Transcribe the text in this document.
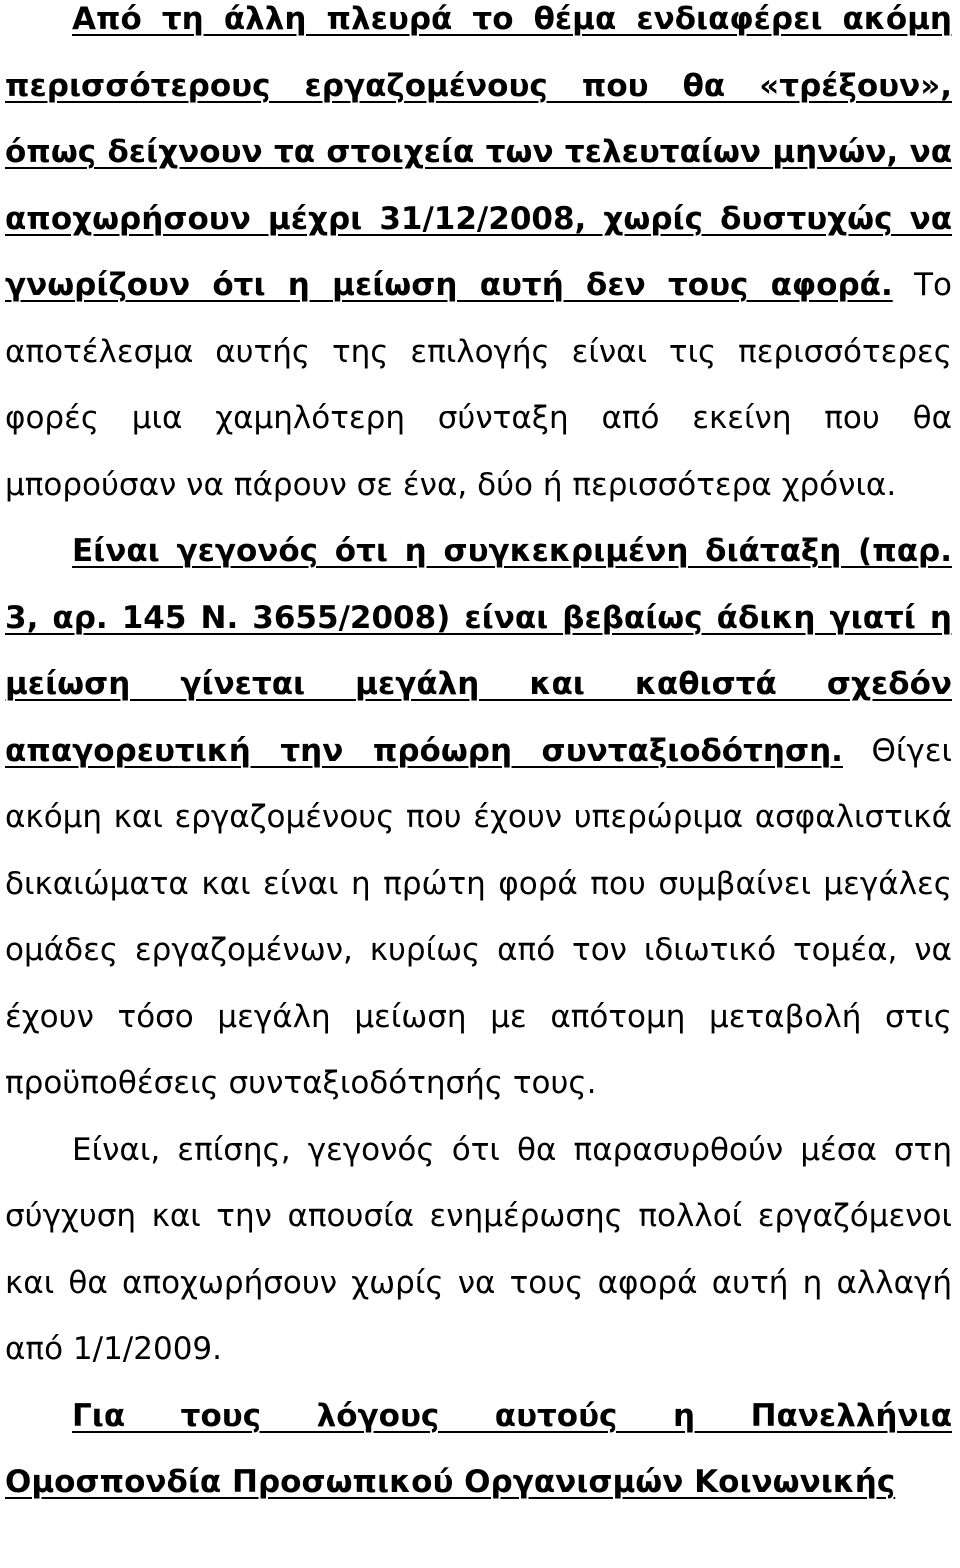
Από τη άλλη πλευρά το θέμα ενδιαφέρει ακόμη περισσότερους εργαζομένους που θα «τρέξουν», όπως δείχνουν τα στοιχεία των τελευταίων μηνών, να αποχωρήσουν μέχρι 31/12/2008, χωρίς δυστυχώς να γνωρίζουν ότι η μείωση αυτή δεν τους αφορά. Το αποτέλεσμα αυτής της επιλογής είναι τις περισσότερες φορές μια χαμηλότερη σύνταξη από εκείνη που θα μπορούσαν να πάρουν σε ένα, δύο ή περισσότερα χρόνια.

Είναι γεγονός ότι η συγκεκριμένη διάταξη (παρ. 3, αρ. 145 Ν. 3655/2008) είναι βεβαίως άδικη γιατί η μείωση γίνεται μεγάλη και καθιστά σχεδόν απαγορευτική την πρόωρη συνταξιοδότηση. Θίγει ακόμη και εργαζομένους που έχουν υπερώριμα ασφαλιστικά δικαιώματα και είναι η πρώτη φορά που συμβαίνει μεγάλες ομάδες εργαζομένων, κυρίως από τον ιδιωτικό τομέα, να έχουν τόσο μεγάλη μείωση με απότομη μεταβολή στις προϋποθέσεις συνταξιοδότησής τους.

Είναι, επίσης, γεγονός ότι θα παρασυρθούν μέσα στη σύγχυση και την απουσία ενημέρωσης πολλοί εργαζόμενοι και θα αποχωρήσουν χωρίς να τους αφορά αυτή η αλλαγή από 1/1/2009.

Για τους λόγους αυτούς η Πανελλήνια Ομοσπονδία Προσωπικού Οργανισμών Κοινωνικής
